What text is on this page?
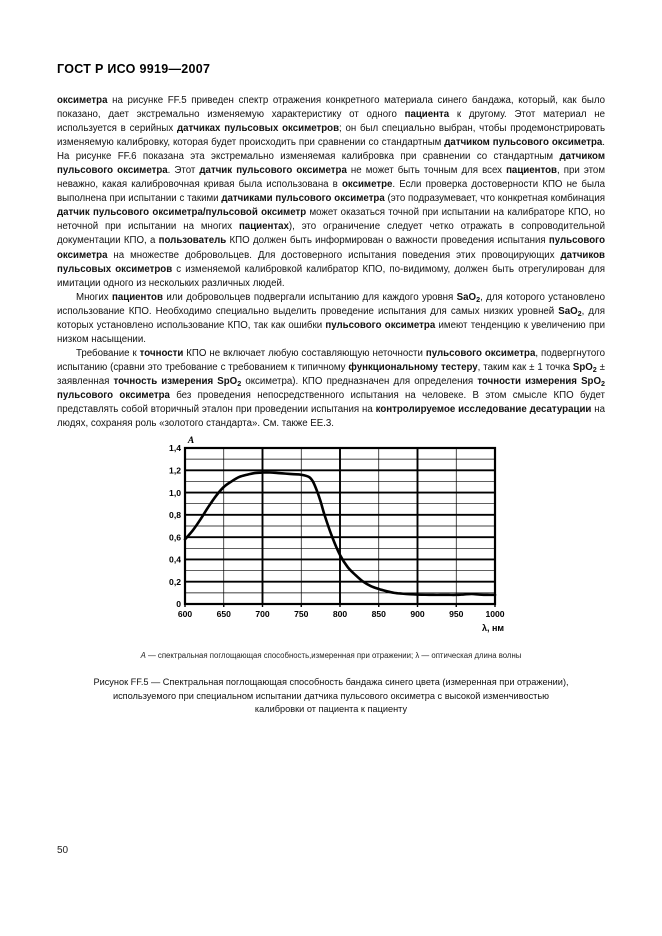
ГОСТ Р ИСО 9919—2007

оксиметра на рисунке FF.5 приведен спектр отражения конкретного материала синего бандажа, который, как было показано, дает экстремально изменяемую характеристику от одного пациента к другому. Этот материал не используется в серийных датчиках пульсовых оксиметров; он был специально выбран, чтобы продемонстрировать изменяемую калибровку, которая будет происходить при сравнении со стандартным датчиком пульсового оксиметра. На рисунке FF.6 показана эта экстремально изменяемая калибровка при сравнении со стандартным датчиком пульсового оксиметра. Этот датчик пульсового оксиметра не может быть точным для всех пациентов, при этом неважно, какая калибровочная кривая была использована в оксиметре. Если проверка достоверности КПО не была выполнена при испытании с такими датчиками пульсового оксиметра (это подразумевает, что конкретная комбинация датчик пульсового оксиметра/пульсовой оксиметр может оказаться точной при испытании на калибраторе КПО, но неточной при испытании на многих пациентах), это ограничение следует четко отражать в сопроводительной документации КПО, а пользователь КПО должен быть информирован о важности проведения испытания пульсового оксиметра на множестве добровольцев. Для достоверного испытания поведения этих провоцирующих датчиков пульсовых оксиметров с изменяемой калибровкой калибратор КПО, по-видимому, должен быть отрегулирован для имитации одного из нескольких различных людей.

Многих пациентов или добровольцев подвергали испытанию для каждого уровня SaO$_2$, для которого установлено использование КПО. Необходимо специально выделить проведение испытания для самых низких уровней SaO$_2$, для которых установлено использование КПО, так как ошибки пульсового оксиметра имеют тенденцию к увеличению при низком насыщении.

Требование к точности КПО не включает любую составляющую неточности пульсового оксиметра, подвергнутого испытанию (сравни это требование с требованием к типичному функциональному тестеру, таким как ± 1 точка SpO$_2$ ± заявленная точность измерения SpO$_2$ оксиметра). КПО предназначен для определения точности измерения SpO$_2$ пульсового оксиметра без проведения непосредственного испытания на человеке. В этом смысле КПО будет представлять собой вторичный эталон при проведении испытания на контролируемое исследование десатурации на людях, сохраняя роль «золотого стандарта». См. также ЕЕ.3.

0
0,2
0,4
0,6
0,8
1,0
1,2
1,4
600	650	700	750	800	850	900	950	1000
A
λ, нм
A — спектральная поглощающая способность,измеренная при отражении; λ — оптическая длина волны
Рисунок FF.5 — Спектральная поглощающая способность бандажа синего цвета (измеренная при отражении),
используемого при специальном испытании датчика пульсового оксиметра с высокой изменчивостью
калибровки от пациента к пациенту
50
